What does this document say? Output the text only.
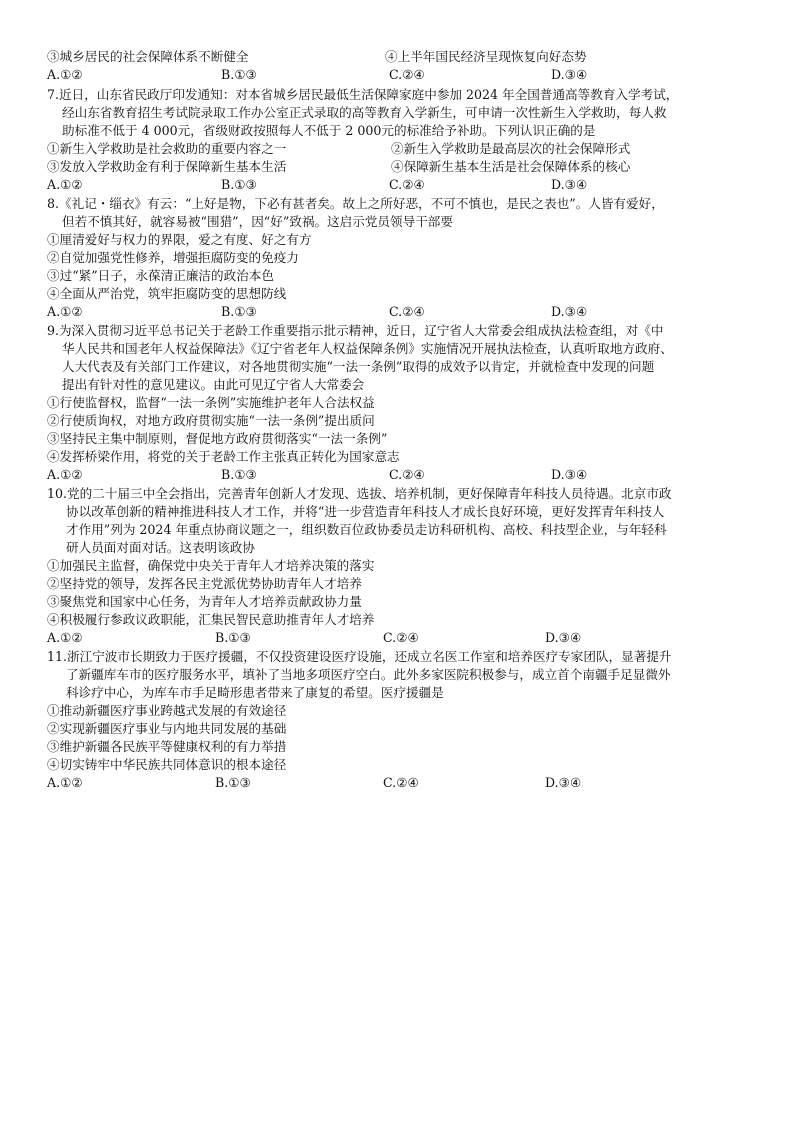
③城乡居民的社会保障体系不断健全	④上半年国民经济呈现恢复向好态势
A.①②	B.①③	C.②④	D.③④
7.近日，山东省民政厅印发通知：对本省城乡居民最低生活保障家庭中参加 2024 年全国普通高等教育入学考试，
经山东省教育招生考试院录取工作办公室正式录取的高等教育入学新生，可申请一次性新生入学救助，每人救
助标准不低于 4 000元，省级财政按照每人不低于 2 000元的标准给予补助。下列认识正确的是
①新生入学救助是社会救助的重要内容之一	②新生入学救助是最高层次的社会保障形式
③发放入学救助金有利于保障新生基本生活	④保障新生基本生活是社会保障体系的核心
A.①②	B.①③	C.②④	D.③④
8.《礼记・缁衣》有云：“上好是物，下必有甚者矣。故上之所好恶，不可不慎也，是民之表也”。人皆有爱好，
但若不慎其好，就容易被“围猎”，因“好”致祸。这启示党员领导干部要
①厘清爱好与权力的界限，爱之有度、好之有方
②自觉加强党性修养，增强拒腐防变的免疫力
③过“紧”日子，永葆清正廉洁的政治本色
④全面从严治党，筑牢拒腐防变的思想防线
A.①②	B.①③	C.②④	D.③④
9.为深入贯彻习近平总书记关于老龄工作重要指示批示精神，近日，辽宁省人大常委会组成执法检查组，对《中
华人民共和国老年人权益保障法》《辽宁省老年人权益保障条例》实施情况开展执法检查，认真听取地方政府、
人大代表及有关部门工作建议，对各地贯彻实施“一法一条例”取得的成效予以肯定，并就检查中发现的问题
提出有针对性的意见建议。由此可见辽宁省人大常委会
①行使监督权，监督“一法一条例”实施维护老年人合法权益
②行使质询权，对地方政府贯彻实施“一法一条例”提出质问
③坚持民主集中制原则，督促地方政府贯彻落实“一法一条例”
④发挥桥梁作用，将党的关于老龄工作主张真正转化为国家意志
A.①②	B.①③	C.②④	D.③④
10.党的二十届三中全会指出，完善青年创新人才发现、选拔、培养机制，更好保障青年科技人员待遇。北京市政
协以改革创新的精神推进科技人才工作，并将“进一步营造青年科技人才成长良好环境，更好发挥青年科技人
才作用”列为 2024 年重点协商议题之一，组织数百位政协委员走访科研机构、高校、科技型企业，与年轻科
研人员面对面对话。这表明该政协
①加强民主监督，确保党中央关于青年人才培养决策的落实
②坚持党的领导，发挥各民主党派优势协助青年人才培养
③聚焦党和国家中心任务，为青年人才培养贡献政协力量
④积极履行参政议政职能，汇集民智民意助推青年人才培养
A.①②	B.①③	C.②④	D.③④
11.浙江宁波市长期致力于医疗援疆，不仅投资建设医疗设施，还成立名医工作室和培养医疗专家团队，显著提升
了新疆库车市的医疗服务水平，填补了当地多项医疗空白。此外多家医院积极参与，成立首个南疆手足显微外
科诊疗中心，为库车市手足畸形患者带来了康复的希望。医疗援疆是
①推动新疆医疗事业跨越式发展的有效途径
②实现新疆医疗事业与内地共同发展的基础
③维护新疆各民族平等健康权利的有力举措
④切实铸牢中华民族共同体意识的根本途径
A.①②	B.①③	C.②④	D.③④
